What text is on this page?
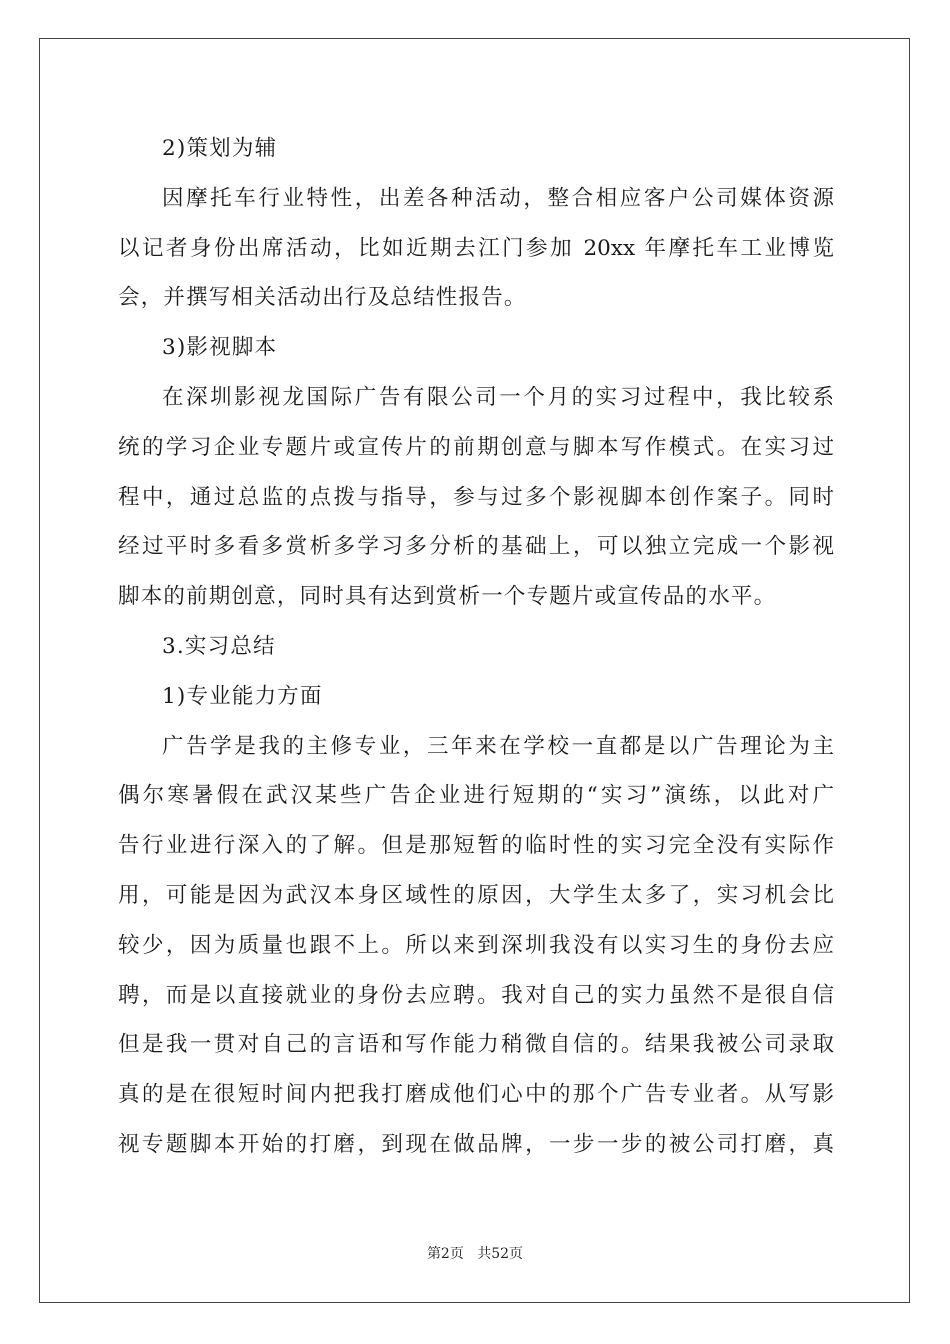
2)策划为辅
因摩托车行业特性，出差各种活动，整合相应客户公司媒体资源
以记者身份出席活动，比如近期去江门参加 20xx 年摩托车工业博览
会，并撰写相关活动出行及总结性报告。
3)影视脚本
在深圳影视龙国际广告有限公司一个月的实习过程中，我比较系
统的学习企业专题片或宣传片的前期创意与脚本写作模式。在实习过
程中，通过总监的点拨与指导，参与过多个影视脚本创作案子。同时
经过平时多看多赏析多学习多分析的基础上，可以独立完成一个影视
脚本的前期创意，同时具有达到赏析一个专题片或宣传品的水平。
3.实习总结
1)专业能力方面
广告学是我的主修专业，三年来在学校一直都是以广告理论为主
偶尔寒暑假在武汉某些广告企业进行短期的“实习”演练，以此对广
告行业进行深入的了解。但是那短暂的临时性的实习完全没有实际作
用，可能是因为武汉本身区域性的原因，大学生太多了，实习机会比
较少，因为质量也跟不上。所以来到深圳我没有以实习生的身份去应
聘，而是以直接就业的身份去应聘。我对自己的实力虽然不是很自信
但是我一贯对自己的言语和写作能力稍微自信的。结果我被公司录取
真的是在很短时间内把我打磨成他们心中的那个广告专业者。从写影
视专题脚本开始的打磨，到现在做品牌，一步一步的被公司打磨，真
第2页 共52页
